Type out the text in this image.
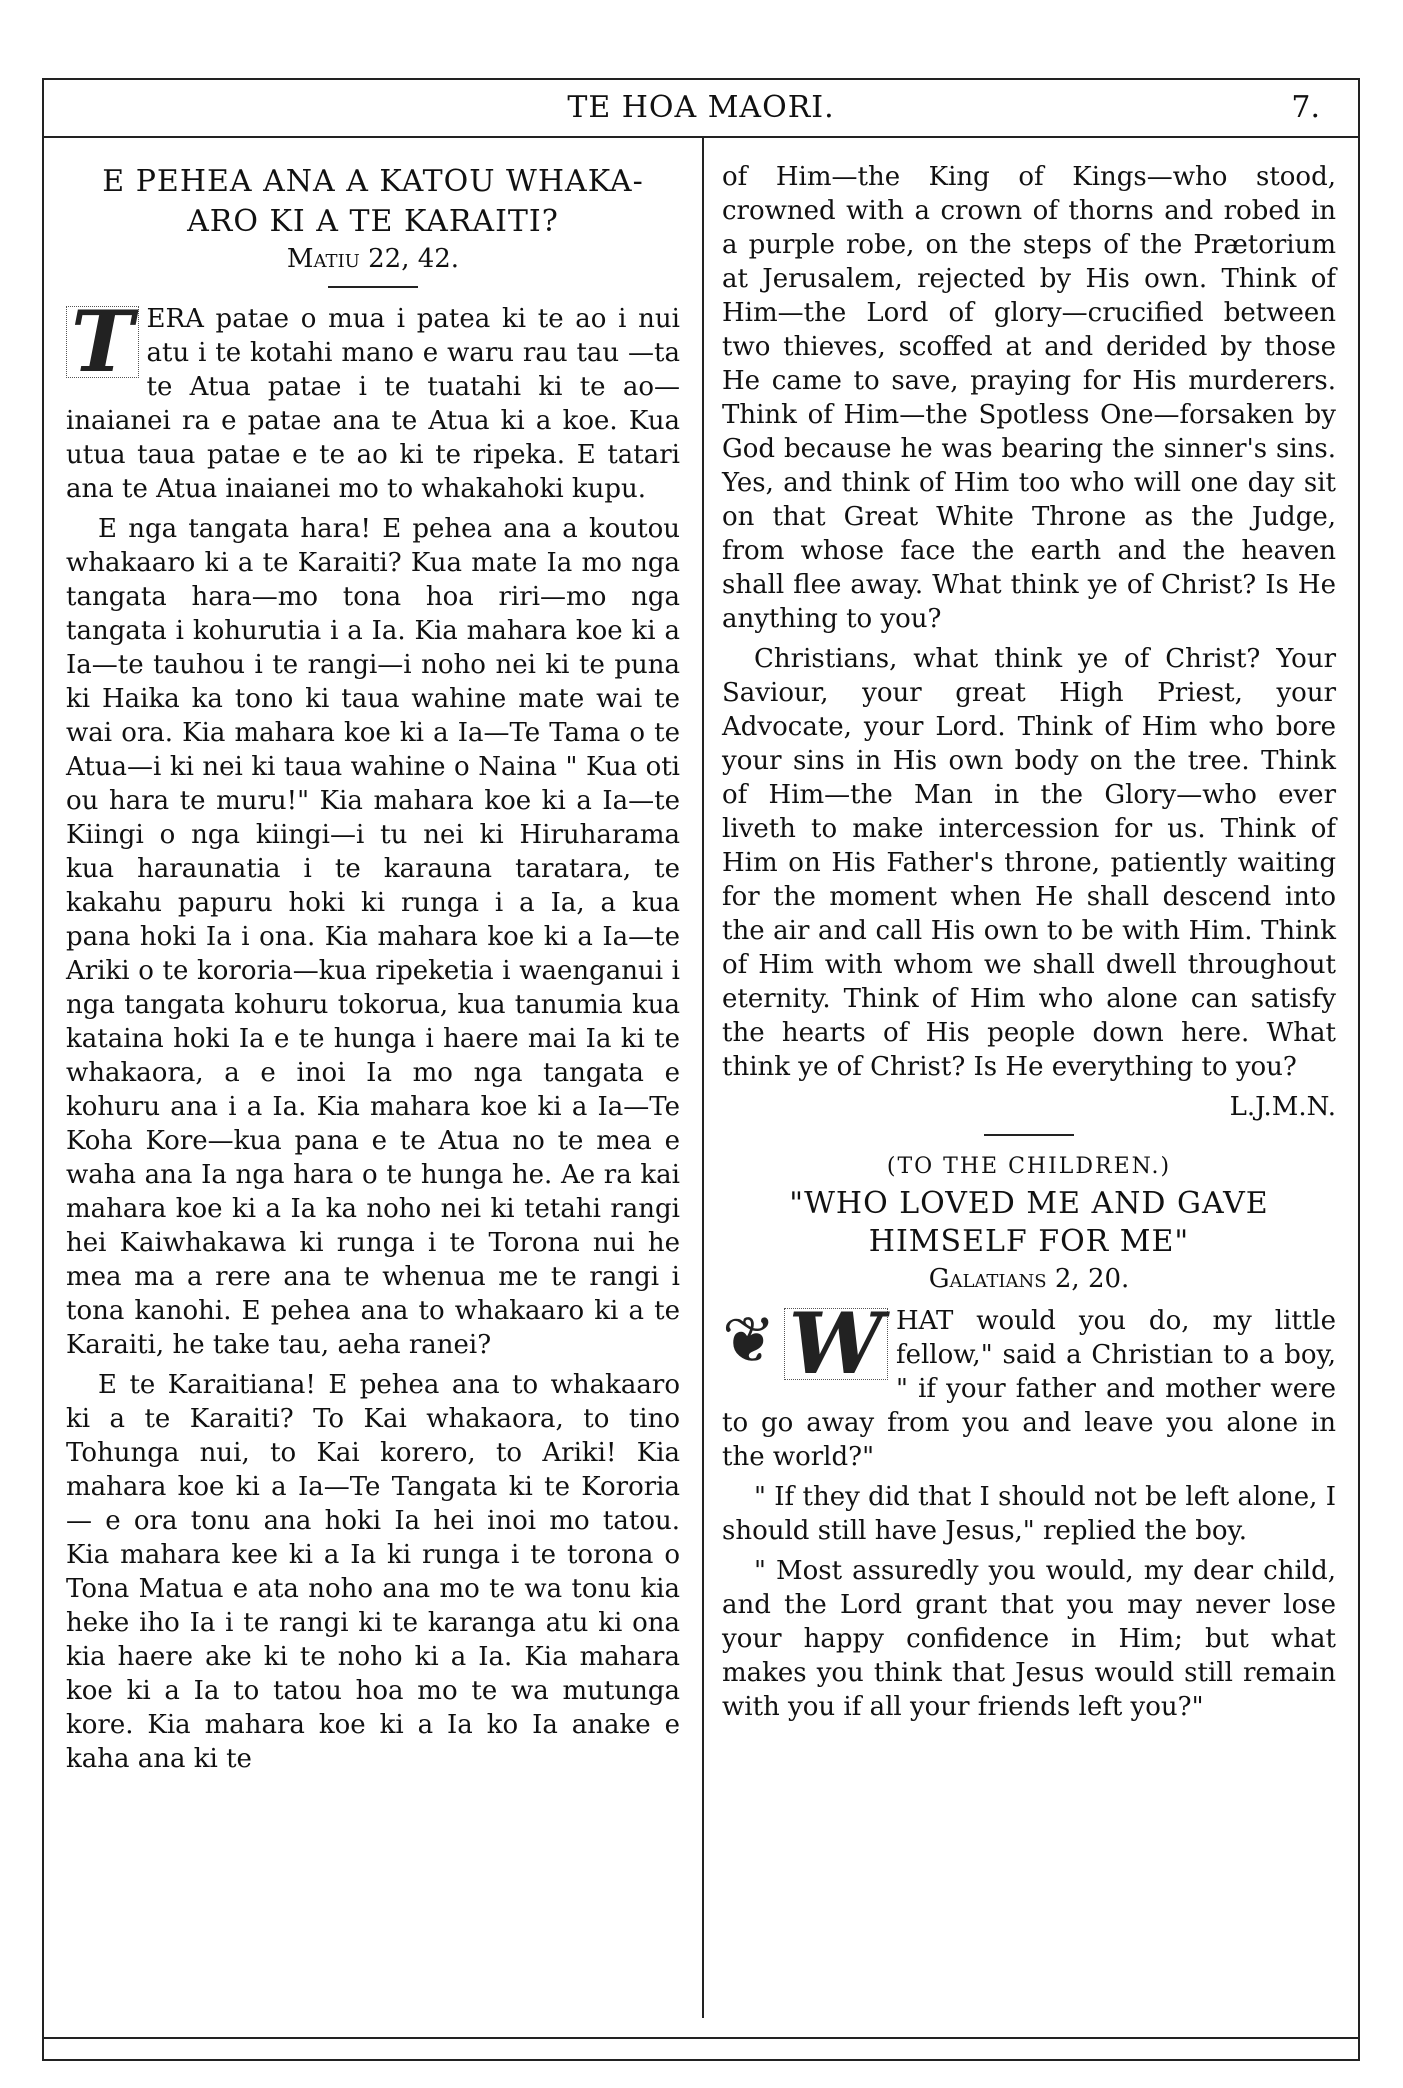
TE HOA MAORI.	7.
E PEHEA ANA A KATOU WHAKA-
ARO KI A TE KARAITI?
Matiu 22, 42.

T ERA patae o mua i patea ki te ao i nui atu i te kotahi mano e waru rau tau —ta te Atua patae i te tuatahi ki te ao— inaianei ra e patae ana te Atua ki a koe. Kua utua taua patae e te ao ki te ripeka. E tatari ana te Atua inaianei mo to whakahoki kupu.

E nga tangata hara! E pehea ana a koutou whakaaro ki a te Karaiti? Kua mate Ia mo nga tangata hara—mo tona hoa riri—mo nga tangata i kohurutia i a Ia. Kia mahara koe ki a Ia—te tauhou i te rangi—i noho nei ki te puna ki Haika ka tono ki taua wahine mate wai te wai ora. Kia mahara koe ki a Ia—Te Tama o te Atua—i ki nei ki taua wahine o Naina " Kua oti ou hara te muru!" Kia mahara koe ki a Ia—te Kiingi o nga kiingi—i tu nei ki Hiruharama kua haraunatia i te karauna taratara, te kakahu papuru hoki ki runga i a Ia, a kua pana hoki Ia i ona. Kia mahara koe ki a Ia—te Ariki o te kororia—kua ripeketia i waenganui i nga tangata kohuru tokorua, kua tanumia kua kataina hoki Ia e te hunga i haere mai Ia ki te whakaora, a e inoi Ia mo nga tangata e kohuru ana i a Ia. Kia mahara koe ki a Ia—Te Koha Kore—kua pana e te Atua no te mea e waha ana Ia nga hara o te hunga he. Ae ra kai mahara koe ki a Ia ka noho nei ki tetahi rangi hei Kaiwhakawa ki runga i te Torona nui he mea ma a rere ana te whenua me te rangi i tona kanohi. E pehea ana to whakaaro ki a te Karaiti, he take tau, aeha ranei?

E te Karaitiana! E pehea ana to whakaaro ki a te Karaiti? To Kai whakaora, to tino Tohunga nui, to Kai korero, to Ariki! Kia mahara koe ki a Ia—Te Tangata ki te Kororia— e ora tonu ana hoki Ia hei inoi mo tatou. Kia mahara kee ki a Ia ki runga i te torona o Tona Matua e ata noho ana mo te wa tonu kia heke iho Ia i te rangi ki te karanga atu ki ona kia haere ake ki te noho ki a Ia. Kia mahara koe ki a Ia to tatou hoa mo te wa mutunga kore. Kia mahara koe ki a Ia ko Ia anake e kaha ana ki te

of Him—the King of Kings—who stood, crowned with a crown of thorns and robed in a purple robe, on the steps of the Prætorium at Jerusalem, rejected by His own. Think of Him—the Lord of glory—crucified between two thieves, scoffed at and derided by those He came to save, praying for His murderers. Think of Him—the Spotless One—forsaken by God because he was bearing the sinner's sins. Yes, and think of Him too who will one day sit on that Great White Throne as the Judge, from whose face the earth and the heaven shall flee away. What think ye of Christ? Is He anything to you?

Christians, what think ye of Christ? Your Saviour, your great High Priest, your Advocate, your Lord. Think of Him who bore your sins in His own body on the tree. Think of Him—the Man in the Glory—who ever liveth to make intercession for us. Think of Him on His Father's throne, patiently waiting for the moment when He shall descend into the air and call His own to be with Him. Think of Him with whom we shall dwell throughout eternity. Think of Him who alone can satisfy the hearts of His people down here. What think ye of Christ? Is He everything to you?

L.J.M.N.

(TO THE CHILDREN.)
"WHO LOVED ME AND GAVE
HIMSELF FOR ME"
Galatians 2, 20.

❦ W HAT would you do, my little fellow," said a Christian to a boy, " if your father and mother were to go away from you and leave you alone in the world?"

" If they did that I should not be left alone, I should still have Jesus," replied the boy.

" Most assuredly you would, my dear child, and the Lord grant that you may never lose your happy confidence in Him; but what makes you think that Jesus would still remain with you if all your friends left you?"
